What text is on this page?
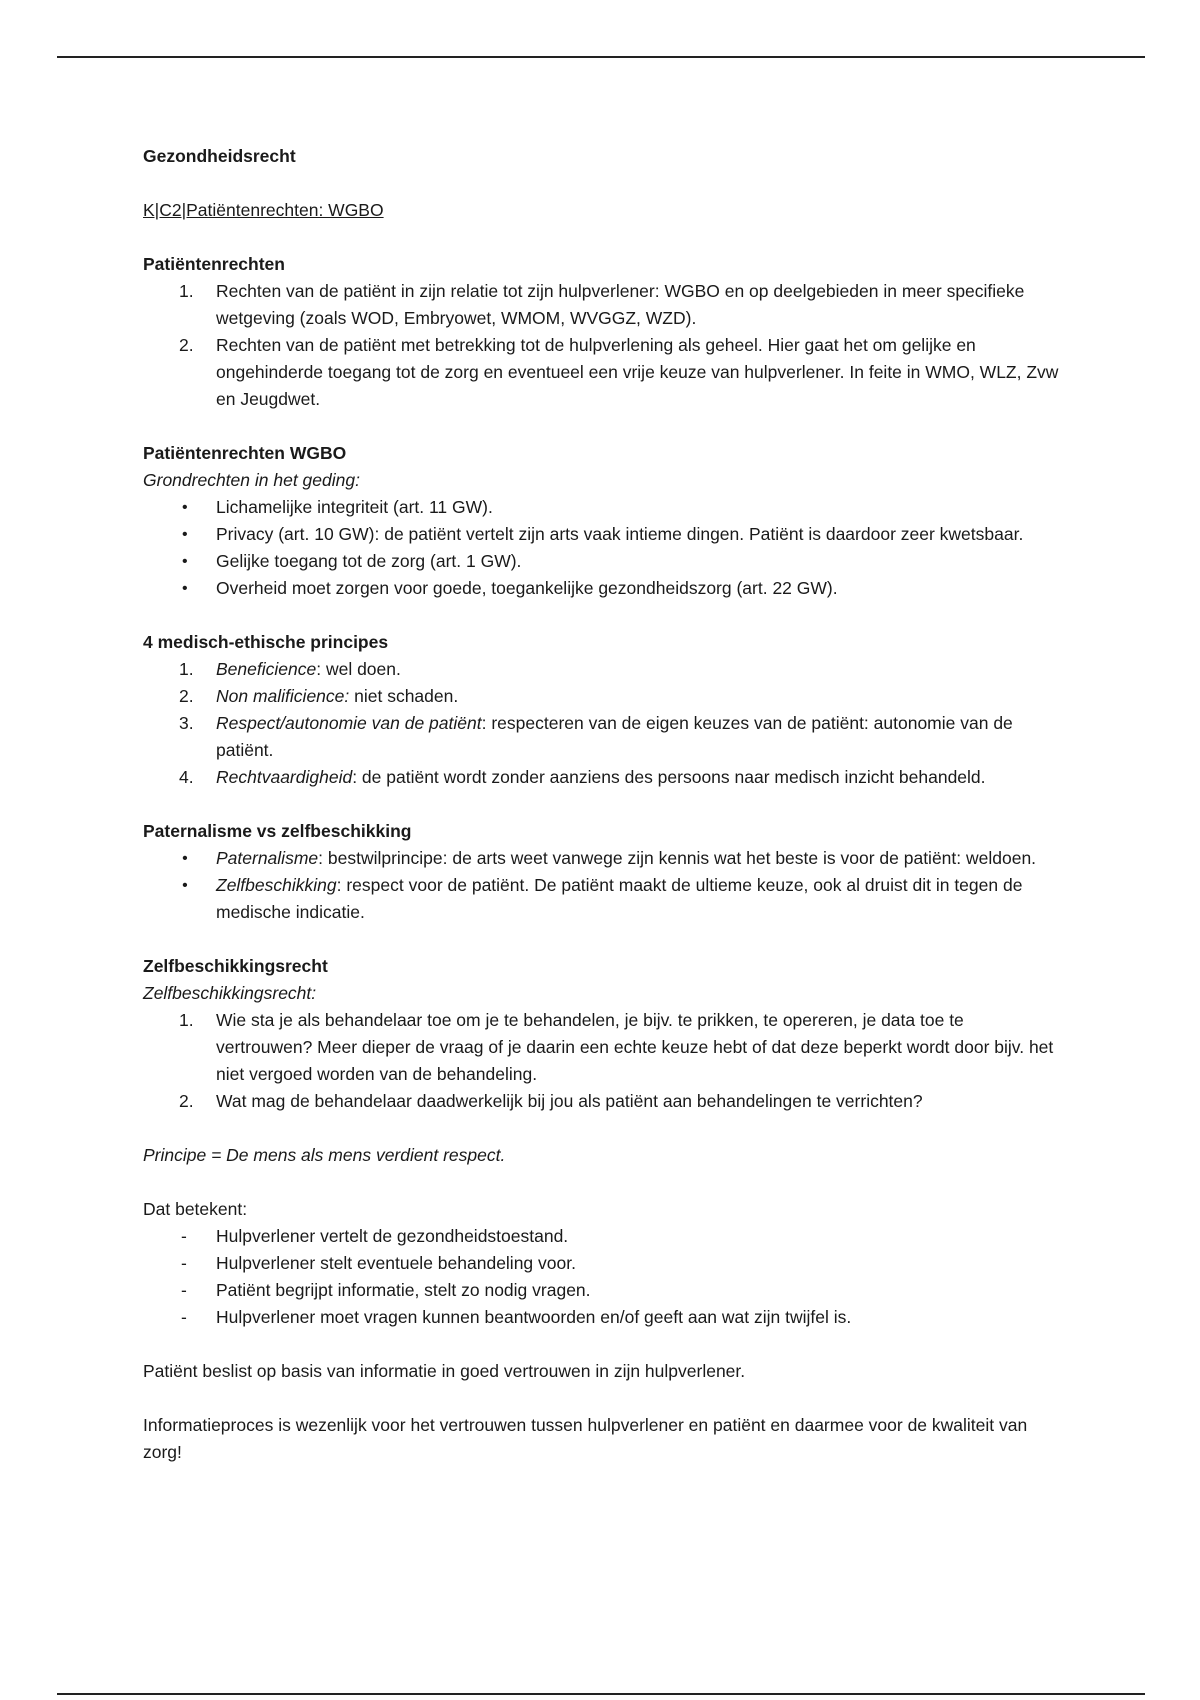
Gezondheidsrecht

K|C2|Patiëntenrechten: WGBO

Patiëntenrechten

1.	Rechten van de patiënt in zijn relatie tot zijn hulpverlener: WGBO en op deelgebieden in meer specifieke wetgeving (zoals WOD, Embryowet, WMOM, WVGGZ, WZD).
2.	Rechten van de patiënt met betrekking tot de hulpverlening als geheel. Hier gaat het om gelijke en ongehinderde toegang tot de zorg en eventueel een vrije keuze van hulpverlener. In feite in WMO, WLZ, Zvw en Jeugdwet.

Patiëntenrechten WGBO

Grondrechten in het geding:

• Lichamelijke integriteit (art. 11 GW).
• Privacy (art. 10 GW): de patiënt vertelt zijn arts vaak intieme dingen. Patiënt is daardoor zeer kwetsbaar.
• Gelijke toegang tot de zorg (art. 1 GW).
• Overheid moet zorgen voor goede, toegankelijke gezondheidszorg (art. 22 GW).

4 medisch-ethische principes

1.	Beneficience: wel doen.
2.	Non malificience: niet schaden.
3.	Respect/autonomie van de patiënt: respecteren van de eigen keuzes van de patiënt: autonomie van de patiënt.
4.	Rechtvaardigheid: de patiënt wordt zonder aanziens des persoons naar medisch inzicht behandeld.

Paternalisme vs zelfbeschikking

• Paternalisme: bestwilprincipe: de arts weet vanwege zijn kennis wat het beste is voor de patiënt: weldoen.
• Zelfbeschikking: respect voor de patiënt. De patiënt maakt de ultieme keuze, ook al druist dit in tegen de medische indicatie.

Zelfbeschikkingsrecht

Zelfbeschikkingsrecht:

1.	Wie sta je als behandelaar toe om je te behandelen, je bijv. te prikken, te opereren, je data toe te vertrouwen? Meer dieper de vraag of je daarin een echte keuze hebt of dat deze beperkt wordt door bijv. het niet vergoed worden van de behandeling.
2.	Wat mag de behandelaar daadwerkelijk bij jou als patiënt aan behandelingen te verrichten?

Principe = De mens als mens verdient respect.

Dat betekent:

- Hulpverlener vertelt de gezondheidstoestand.
- Hulpverlener stelt eventuele behandeling voor.
- Patiënt begrijpt informatie, stelt zo nodig vragen.
- Hulpverlener moet vragen kunnen beantwoorden en/of geeft aan wat zijn twijfel is.

Patiënt beslist op basis van informatie in goed vertrouwen in zijn hulpverlener.

Informatieproces is wezenlijk voor het vertrouwen tussen hulpverlener en patiënt en daarmee voor de kwaliteit van zorg!
